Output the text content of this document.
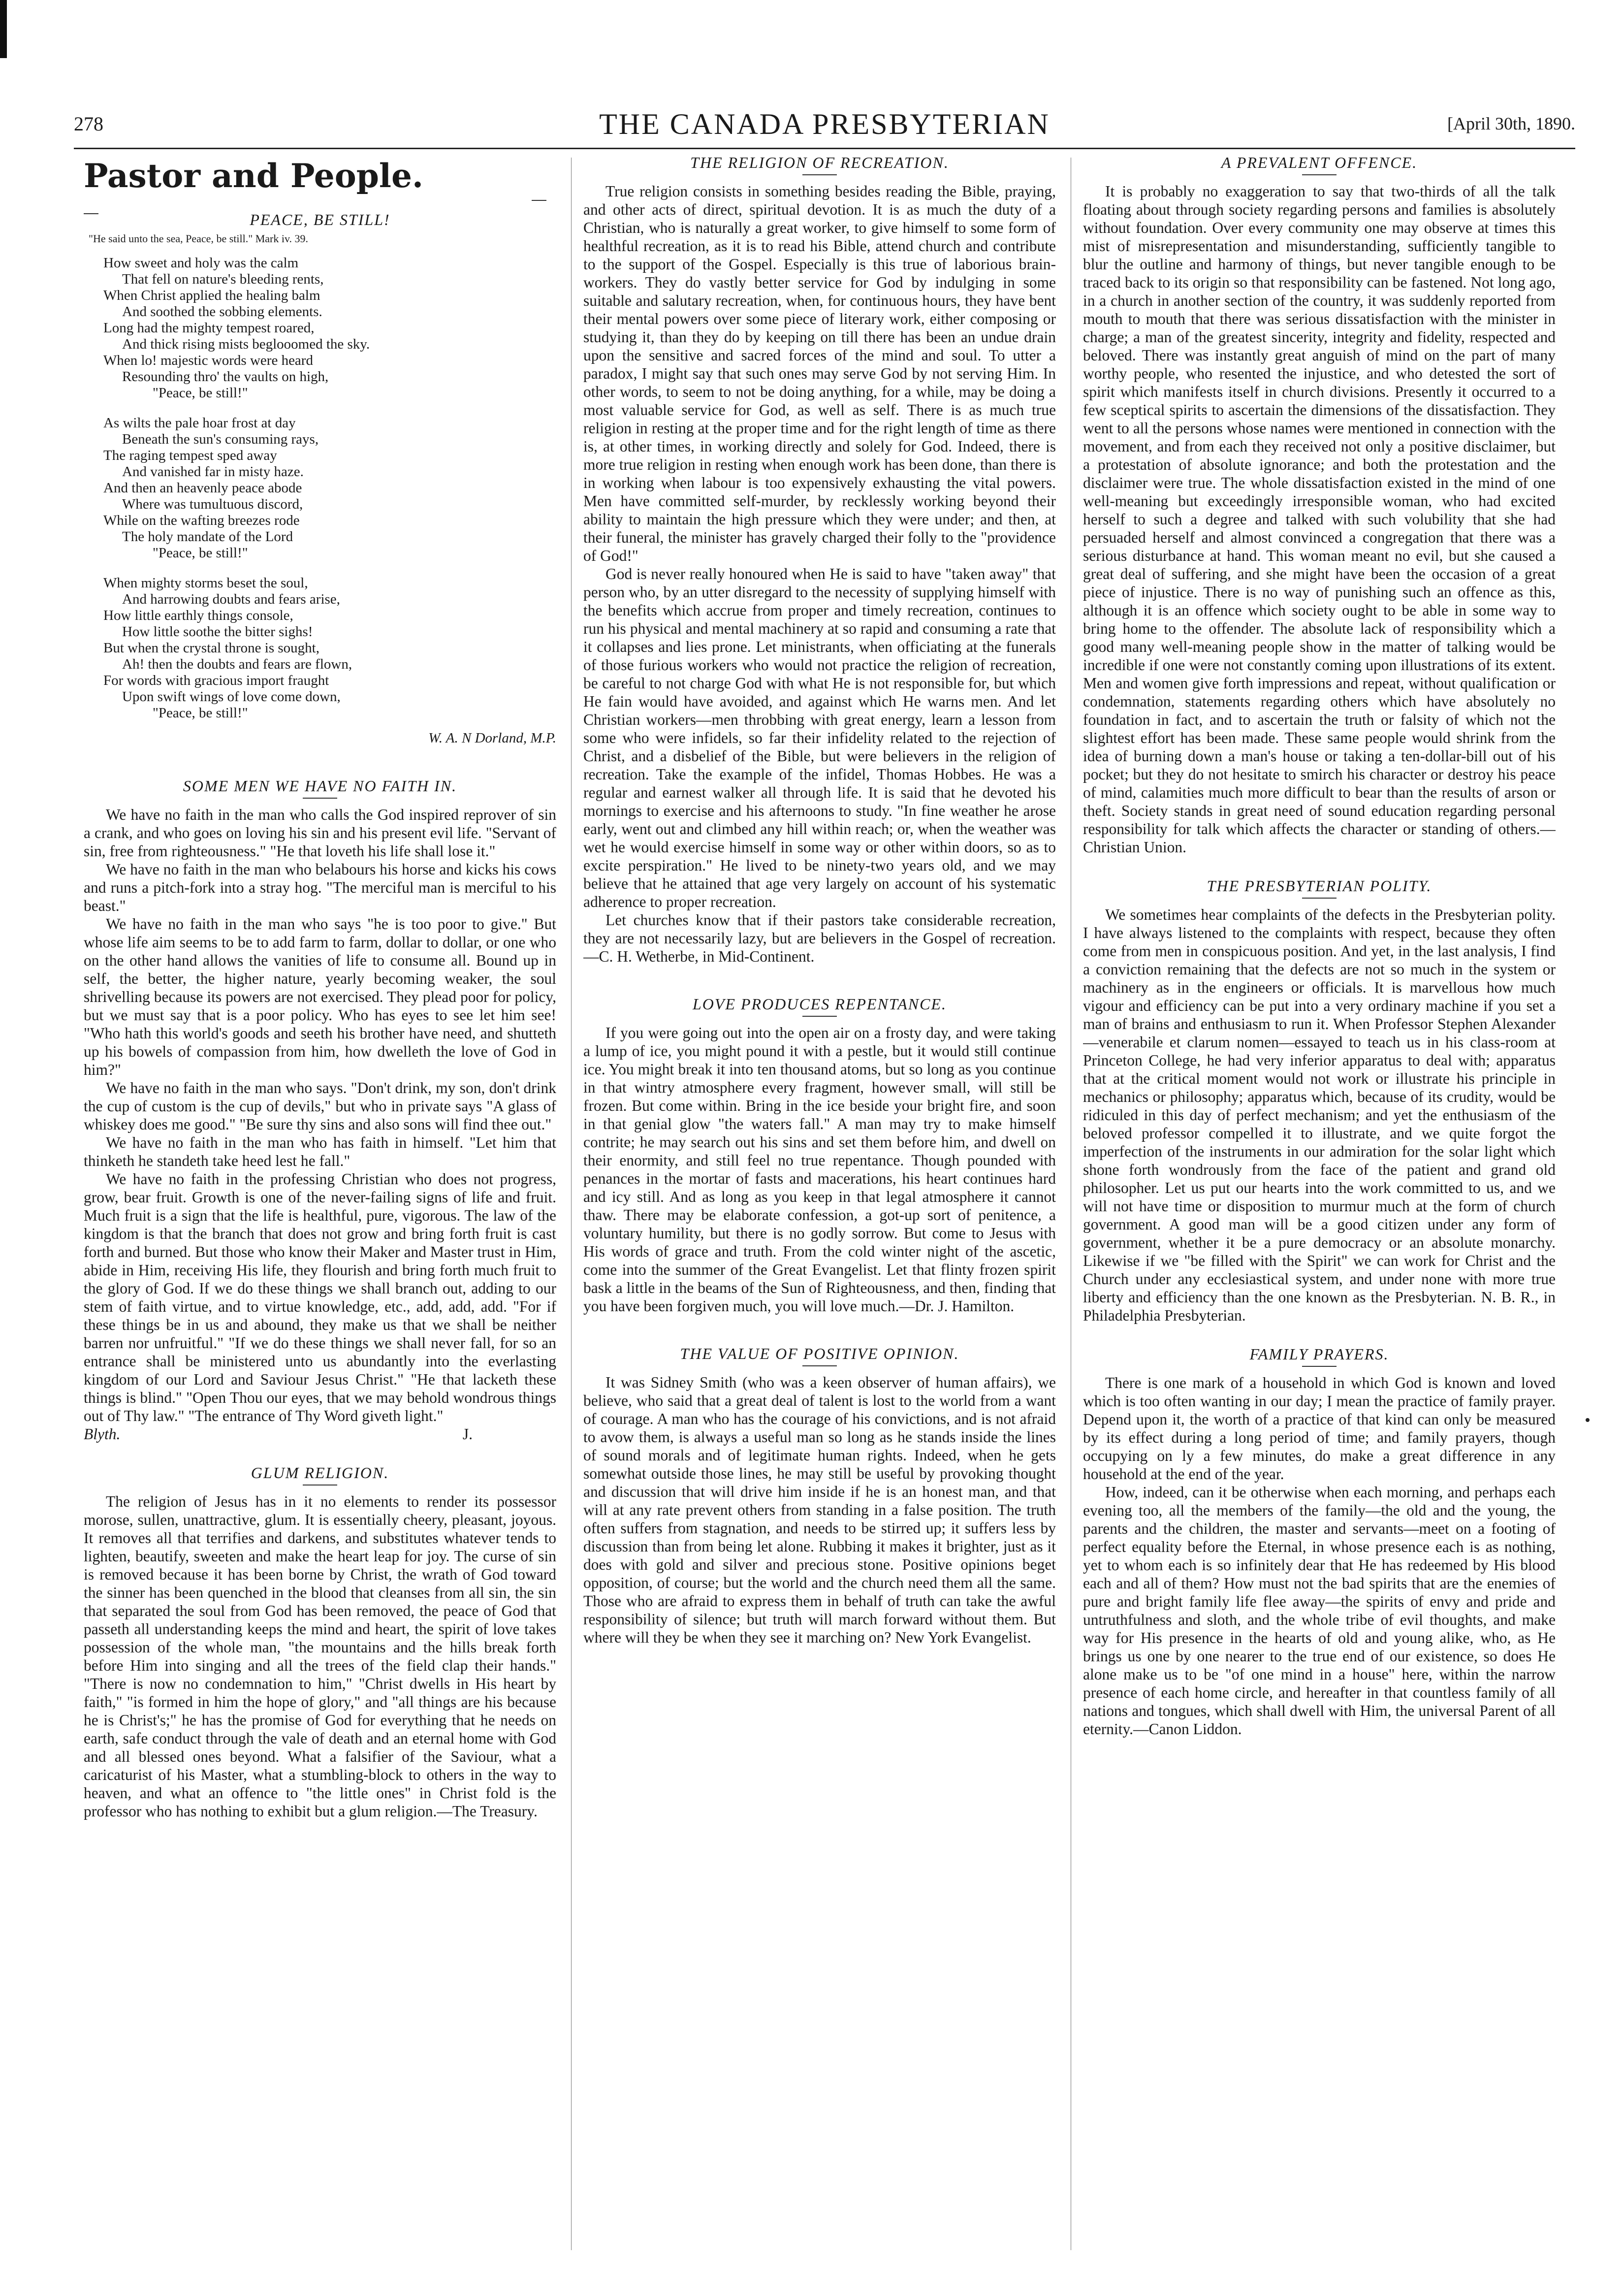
278	THE CANADA PRESBYTERIAN	[April 30th, 1890.
Pastor and People.
PEACE, BE STILL!
"He said unto the sea, Peace, be still." Mark iv. 39.
How sweet and holy was the calm
That fell on nature's bleeding rents,
When Christ applied the healing balm
And soothed the sobbing elements.
Long had the mighty tempest roared,
And thick rising mists beglooomed the sky.
When lo! majestic words were heard
Resounding thro' the vaults on high,
"Peace, be still!"
As wilts the pale hoar frost at day
Beneath the sun's consuming rays,
The raging tempest sped away
And vanished far in misty haze.
And then an heavenly peace abode
Where was tumultuous discord,
While on the wafting breezes rode
The holy mandate of the Lord
"Peace, be still!"
When mighty storms beset the soul,
And harrowing doubts and fears arise,
How little earthly things console,
How little soothe the bitter sighs!
But when the crystal throne is sought,
Ah! then the doubts and fears are flown,
For words with gracious import fraught
Upon swift wings of love come down,
"Peace, be still!"
W. A. N Dorland, M.P.
SOME MEN WE HAVE NO FAITH IN.

We have no faith in the man who calls the God inspired reprover of sin a crank, and who goes on loving his sin and his present evil life. "Servant of sin, free from righteousness." "He that loveth his life shall lose it."

We have no faith in the man who belabours his horse and kicks his cows and runs a pitch-fork into a stray hog. "The merciful man is merciful to his beast."

We have no faith in the man who says "he is too poor to give." But whose life aim seems to be to add farm to farm, dollar to dollar, or one who on the other hand allows the vanities of life to consume all. Bound up in self, the better, the higher nature, yearly becoming weaker, the soul shrivelling because its powers are not exercised. They plead poor for policy, but we must say that is a poor policy. Who has eyes to see let him see! "Who hath this world's goods and seeth his brother have need, and shutteth up his bowels of compassion from him, how dwelleth the love of God in him?"

We have no faith in the man who says. "Don't drink, my son, don't drink the cup of custom is the cup of devils," but who in private says "A glass of whiskey does me good." "Be sure thy sins and also sons will find thee out."

We have no faith in the man who has faith in himself. "Let him that thinketh he standeth take heed lest he fall."

We have no faith in the professing Christian who does not progress, grow, bear fruit. Growth is one of the never-failing signs of life and fruit. Much fruit is a sign that the life is healthful, pure, vigorous. The law of the kingdom is that the branch that does not grow and bring forth fruit is cast forth and burned. But those who know their Maker and Master trust in Him, abide in Him, receiving His life, they flourish and bring forth much fruit to the glory of God. If we do these things we shall branch out, adding to our stem of faith virtue, and to virtue knowledge, etc., add, add, add. "For if these things be in us and abound, they make us that we shall be neither barren nor unfruitful." "If we do these things we shall never fall, for so an entrance shall be ministered unto us abundantly into the everlasting kingdom of our Lord and Saviour Jesus Christ." "He that lacketh these things is blind." "Open Thou our eyes, that we may behold wondrous things out of Thy law." "The entrance of Thy Word giveth light."

Blyth.	J.
GLUM RELIGION.

The religion of Jesus has in it no elements to render its possessor morose, sullen, unattractive, glum. It is essentially cheery, pleasant, joyous. It removes all that terrifies and darkens, and substitutes whatever tends to lighten, beautify, sweeten and make the heart leap for joy. The curse of sin is removed because it has been borne by Christ, the wrath of God toward the sinner has been quenched in the blood that cleanses from all sin, the sin that separated the soul from God has been removed, the peace of God that passeth all understanding keeps the mind and heart, the spirit of love takes possession of the whole man, "the mountains and the hills break forth before Him into singing and all the trees of the field clap their hands." "There is now no condemnation to him," "Christ dwells in His heart by faith," "is formed in him the hope of glory," and "all things are his because he is Christ's;" he has the promise of God for everything that he needs on earth, safe conduct through the vale of death and an eternal home with God and all blessed ones beyond. What a falsifier of the Saviour, what a caricaturist of his Master, what a stumbling-block to others in the way to heaven, and what an offence to "the little ones" in Christ fold is the professor who has nothing to exhibit but a glum religion.—The Treasury.

THE RELIGION OF RECREATION.

True religion consists in something besides reading the Bible, praying, and other acts of direct, spiritual devotion. It is as much the duty of a Christian, who is naturally a great worker, to give himself to some form of healthful recreation, as it is to read his Bible, attend church and contribute to the support of the Gospel. Especially is this true of laborious brain-workers. They do vastly better service for God by indulging in some suitable and salutary recreation, when, for continuous hours, they have bent their mental powers over some piece of literary work, either composing or studying it, than they do by keeping on till there has been an undue drain upon the sensitive and sacred forces of the mind and soul. To utter a paradox, I might say that such ones may serve God by not serving Him. In other words, to seem to not be doing anything, for a while, may be doing a most valuable service for God, as well as self. There is as much true religion in resting at the proper time and for the right length of time as there is, at other times, in working directly and solely for God. Indeed, there is more true religion in resting when enough work has been done, than there is in working when labour is too expensively exhausting the vital powers. Men have committed self-murder, by recklessly working beyond their ability to maintain the high pressure which they were under; and then, at their funeral, the minister has gravely charged their folly to the "providence of God!"

God is never really honoured when He is said to have "taken away" that person who, by an utter disregard to the necessity of supplying himself with the benefits which accrue from proper and timely recreation, continues to run his physical and mental machinery at so rapid and consuming a rate that it collapses and lies prone. Let ministrants, when officiating at the funerals of those furious workers who would not practice the religion of recreation, be careful to not charge God with what He is not responsible for, but which He fain would have avoided, and against which He warns men. And let Christian workers—men throbbing with great energy, learn a lesson from some who were infidels, so far their infidelity related to the rejection of Christ, and a disbelief of the Bible, but were believers in the religion of recreation. Take the example of the infidel, Thomas Hobbes. He was a regular and earnest walker all through life. It is said that he devoted his mornings to exercise and his afternoons to study. "In fine weather he arose early, went out and climbed any hill within reach; or, when the weather was wet he would exercise himself in some way or other within doors, so as to excite perspiration." He lived to be ninety-two years old, and we may believe that he attained that age very largely on account of his systematic adherence to proper recreation.

Let churches know that if their pastors take considerable recreation, they are not necessarily lazy, but are believers in the Gospel of recreation.—C. H. Wetherbe, in Mid-Continent.

LOVE PRODUCES REPENTANCE.

If you were going out into the open air on a frosty day, and were taking a lump of ice, you might pound it with a pestle, but it would still continue ice. You might break it into ten thousand atoms, but so long as you continue in that wintry atmosphere every fragment, however small, will still be frozen. But come within. Bring in the ice beside your bright fire, and soon in that genial glow "the waters fall." A man may try to make himself contrite; he may search out his sins and set them before him, and dwell on their enormity, and still feel no true repentance. Though pounded with penances in the mortar of fasts and macerations, his heart continues hard and icy still. And as long as you keep in that legal atmosphere it cannot thaw. There may be elaborate confession, a got-up sort of penitence, a voluntary humility, but there is no godly sorrow. But come to Jesus with His words of grace and truth. From the cold winter night of the ascetic, come into the summer of the Great Evangelist. Let that flinty frozen spirit bask a little in the beams of the Sun of Righteousness, and then, finding that you have been forgiven much, you will love much.—Dr. J. Hamilton.

THE VALUE OF POSITIVE OPINION.

It was Sidney Smith (who was a keen observer of human affairs), we believe, who said that a great deal of talent is lost to the world from a want of courage. A man who has the courage of his convictions, and is not afraid to avow them, is always a useful man so long as he stands inside the lines of sound morals and of legitimate human rights. Indeed, when he gets somewhat outside those lines, he may still be useful by provoking thought and discussion that will drive him inside if he is an honest man, and that will at any rate prevent others from standing in a false position. The truth often suffers from stagnation, and needs to be stirred up; it suffers less by discussion than from being let alone. Rubbing it makes it brighter, just as it does with gold and silver and precious stone. Positive opinions beget opposition, of course; but the world and the church need them all the same. Those who are afraid to express them in behalf of truth can take the awful responsibility of silence; but truth will march forward without them. But where will they be when they see it marching on? New York Evangelist.

A PREVALENT OFFENCE.

It is probably no exaggeration to say that two-thirds of all the talk floating about through society regarding persons and families is absolutely without foundation. Over every community one may observe at times this mist of misrepresentation and misunderstanding, sufficiently tangible to blur the outline and harmony of things, but never tangible enough to be traced back to its origin so that responsibility can be fastened. Not long ago, in a church in another section of the country, it was suddenly reported from mouth to mouth that there was serious dissatisfaction with the minister in charge; a man of the greatest sincerity, integrity and fidelity, respected and beloved. There was instantly great anguish of mind on the part of many worthy people, who resented the injustice, and who detested the sort of spirit which manifests itself in church divisions. Presently it occurred to a few sceptical spirits to ascertain the dimensions of the dissatisfaction. They went to all the persons whose names were mentioned in connection with the movement, and from each they received not only a positive disclaimer, but a protestation of absolute ignorance; and both the protestation and the disclaimer were true. The whole dissatisfaction existed in the mind of one well-meaning but exceedingly irresponsible woman, who had excited herself to such a degree and talked with such volubility that she had persuaded herself and almost convinced a congregation that there was a serious disturbance at hand. This woman meant no evil, but she caused a great deal of suffering, and she might have been the occasion of a great piece of injustice. There is no way of punishing such an offence as this, although it is an offence which society ought to be able in some way to bring home to the offender. The absolute lack of responsibility which a good many well-meaning people show in the matter of talking would be incredible if one were not constantly coming upon illustrations of its extent. Men and women give forth impressions and repeat, without qualification or condemnation, statements regarding others which have absolutely no foundation in fact, and to ascertain the truth or falsity of which not the slightest effort has been made. These same people would shrink from the idea of burning down a man's house or taking a ten-dollar-bill out of his pocket; but they do not hesitate to smirch his character or destroy his peace of mind, calamities much more difficult to bear than the results of arson or theft. Society stands in great need of sound education regarding personal responsibility for talk which affects the character or standing of others.—Christian Union.

THE PRESBYTERIAN POLITY.

We sometimes hear complaints of the defects in the Presbyterian polity. I have always listened to the complaints with respect, because they often come from men in conspicuous position. And yet, in the last analysis, I find a conviction remaining that the defects are not so much in the system or machinery as in the engineers or officials. It is marvellous how much vigour and efficiency can be put into a very ordinary machine if you set a man of brains and enthusiasm to run it. When Professor Stephen Alexander—venerabile et clarum nomen—essayed to teach us in his class-room at Princeton College, he had very inferior apparatus to deal with; apparatus that at the critical moment would not work or illustrate his principle in mechanics or philosophy; apparatus which, because of its crudity, would be ridiculed in this day of perfect mechanism; and yet the enthusiasm of the beloved professor compelled it to illustrate, and we quite forgot the imperfection of the instruments in our admiration for the solar light which shone forth wondrously from the face of the patient and grand old philosopher. Let us put our hearts into the work committed to us, and we will not have time or disposition to murmur much at the form of church government. A good man will be a good citizen under any form of government, whether it be a pure democracy or an absolute monarchy. Likewise if we "be filled with the Spirit" we can work for Christ and the Church under any ecclesiastical system, and under none with more true liberty and efficiency than the one known as the Presbyterian. N. B. R., in Philadelphia Presbyterian.

FAMILY PRAYERS.

There is one mark of a household in which God is known and loved which is too often wanting in our day; I mean the practice of family prayer. Depend upon it, the worth of a practice of that kind can only be measured by its effect during a long period of time; and family prayers, though occupying on ly a few minutes, do make a great difference in any household at the end of the year.

How, indeed, can it be otherwise when each morning, and perhaps each evening too, all the members of the family—the old and the young, the parents and the children, the master and servants—meet on a footing of perfect equality before the Eternal, in whose presence each is as nothing, yet to whom each is so infinitely dear that He has redeemed by His blood each and all of them? How must not the bad spirits that are the enemies of pure and bright family life flee away—the spirits of envy and pride and untruthfulness and sloth, and the whole tribe of evil thoughts, and make way for His presence in the hearts of old and young alike, who, as He brings us one by one nearer to the true end of our existence, so does He alone make us to be "of one mind in a house" here, within the narrow presence of each home circle, and hereafter in that countless family of all nations and tongues, which shall dwell with Him, the universal Parent of all eternity.—Canon Liddon.
